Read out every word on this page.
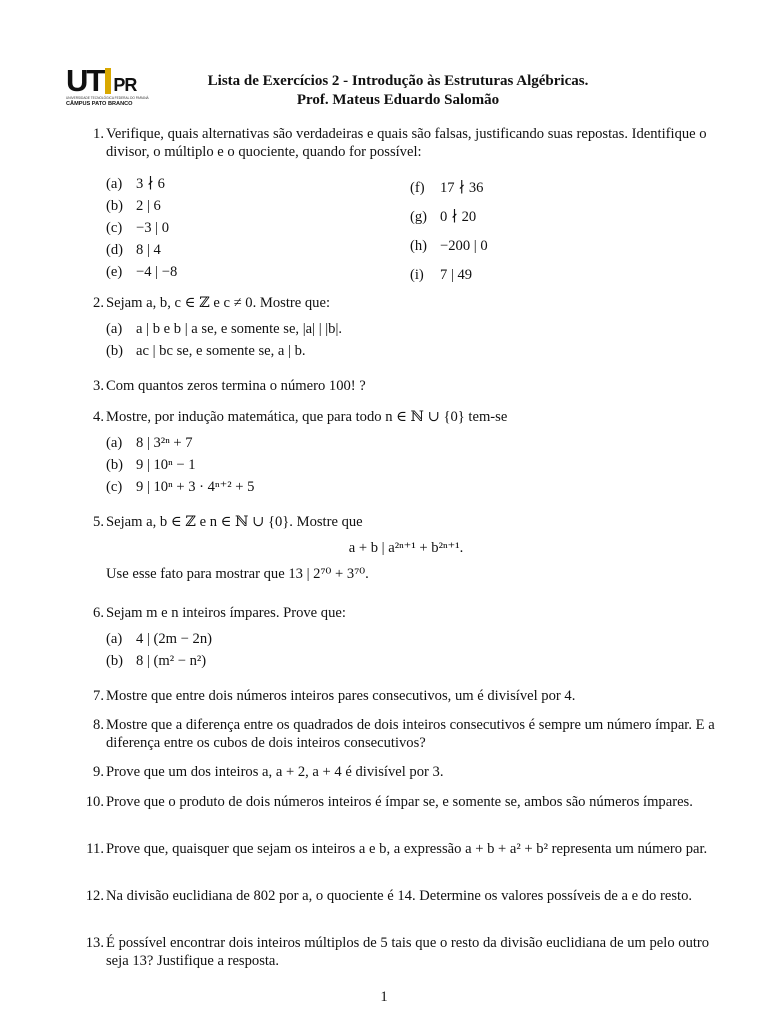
UT PR
UNIVERSIDADE TECNOLÓGICA FEDERAL DO PARANÁ
CÂMPUS PATO BRANCO
Lista de Exercícios 2 - Introdução às Estruturas Algébricas.
Prof. Mateus Eduardo Salomão
1. Verifique, quais alternativas são verdadeiras e quais são falsas, justificando suas repostas. Identifique o divisor, o múltiplo e o quociente, quando for possível:
(a) 3 ∤ 6
(b) 2 | 6
(c) −3 | 0
(d) 8 | 4
(e) −4 | −8
(f)	17 ∤ 36
(g) 0 ∤ 20
(h) −200 | 0
(i)	7 | 49
2. Sejam a, b, c ∈ ℤ e c ≠ 0. Mostre que:
(a) a | b e b | a se, e somente se, |a| | |b|.
(b) ac | bc se, e somente se, a | b.
3. Com quantos zeros termina o número 100! ?
4. Mostre, por indução matemática, que para todo n ∈ ℕ ∪ {0} tem-se
(a) 8 | 3²ⁿ + 7
(b) 9 | 10ⁿ − 1
(c) 9 | 10ⁿ + 3 · 4ⁿ⁺² + 5
5. Sejam a, b ∈ ℤ e n ∈ ℕ ∪ {0}. Mostre que
a + b | a²ⁿ⁺¹ + b²ⁿ⁺¹.
Use esse fato para mostrar que 13 | 2⁷⁰ + 3⁷⁰.
6. Sejam m e n inteiros ímpares. Prove que:
(a) 4 | (2m − 2n)
(b) 8 | (m² − n²)
7. Mostre que entre dois números inteiros pares consecutivos, um é divisível por 4.
8. Mostre que a diferença entre os quadrados de dois inteiros consecutivos é sempre um número ímpar. E a diferença entre os cubos de dois inteiros consecutivos?
9. Prove que um dos inteiros a, a + 2, a + 4 é divisível por 3.
10. Prove que o produto de dois números inteiros é ímpar se, e somente se, ambos são números ímpares.
11. Prove que, quaisquer que sejam os inteiros a e b, a expressão a + b + a² + b² representa um número par.
12. Na divisão euclidiana de 802 por a, o quociente é 14. Determine os valores possíveis de a e do resto.
13. É possível encontrar dois inteiros múltiplos de 5 tais que o resto da divisão euclidiana de um pelo outro seja 13? Justifique a resposta.
1
